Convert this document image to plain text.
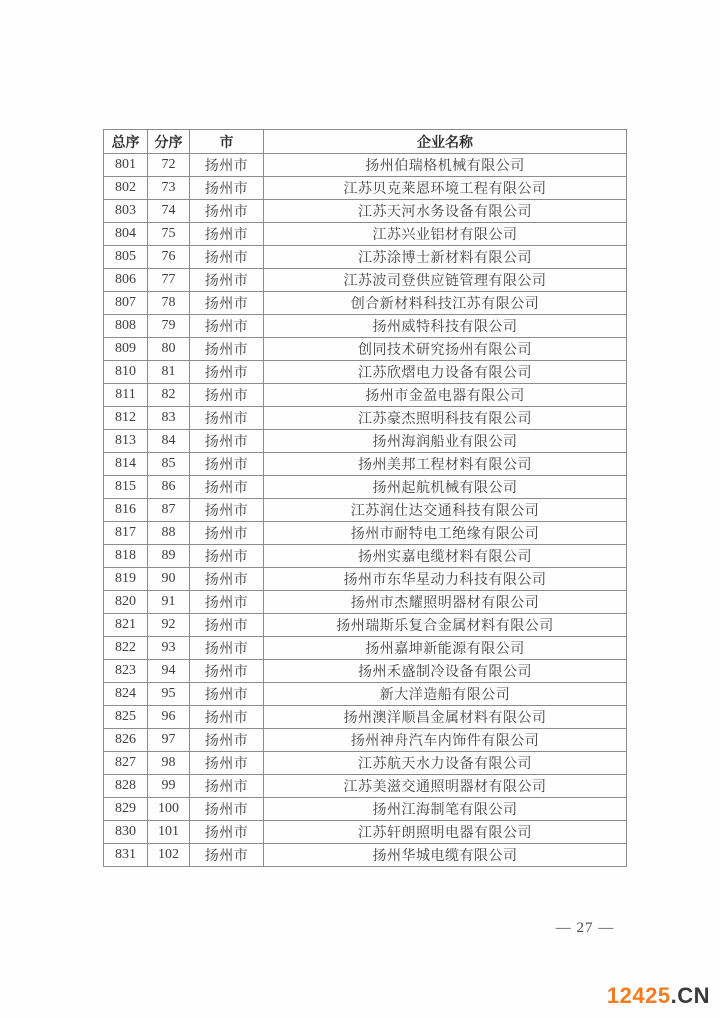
总序	分序	市	企业名称
801	72	扬州市	扬州伯瑞格机械有限公司
802	73	扬州市	江苏贝克莱恩环境工程有限公司
803	74	扬州市	江苏天河水务设备有限公司
804	75	扬州市	江苏兴业铝材有限公司
805	76	扬州市	江苏涂博士新材料有限公司
806	77	扬州市	江苏波司登供应链管理有限公司
807	78	扬州市	创合新材料科技江苏有限公司
808	79	扬州市	扬州威特科技有限公司
809	80	扬州市	创同技术研究扬州有限公司
810	81	扬州市	江苏欣熠电力设备有限公司
811	82	扬州市	扬州市金盈电器有限公司
812	83	扬州市	江苏豪杰照明科技有限公司
813	84	扬州市	扬州海润船业有限公司
814	85	扬州市	扬州美邦工程材料有限公司
815	86	扬州市	扬州起航机械有限公司
816	87	扬州市	江苏润仕达交通科技有限公司
817	88	扬州市	扬州市耐特电工绝缘有限公司
818	89	扬州市	扬州实嘉电缆材料有限公司
819	90	扬州市	扬州市东华星动力科技有限公司
820	91	扬州市	扬州市杰耀照明器材有限公司
821	92	扬州市	扬州瑞斯乐复合金属材料有限公司
822	93	扬州市	扬州嘉坤新能源有限公司
823	94	扬州市	扬州禾盛制冷设备有限公司
824	95	扬州市	新大洋造船有限公司
825	96	扬州市	扬州澳洋顺昌金属材料有限公司
826	97	扬州市	扬州神舟汽车内饰件有限公司
827	98	扬州市	江苏航天水力设备有限公司
828	99	扬州市	江苏美滋交通照明器材有限公司
829	100	扬州市	扬州江海制笔有限公司
830	101	扬州市	江苏轩朗照明电器有限公司
831	102	扬州市	扬州华城电缆有限公司
— 27 —
12425.CN
